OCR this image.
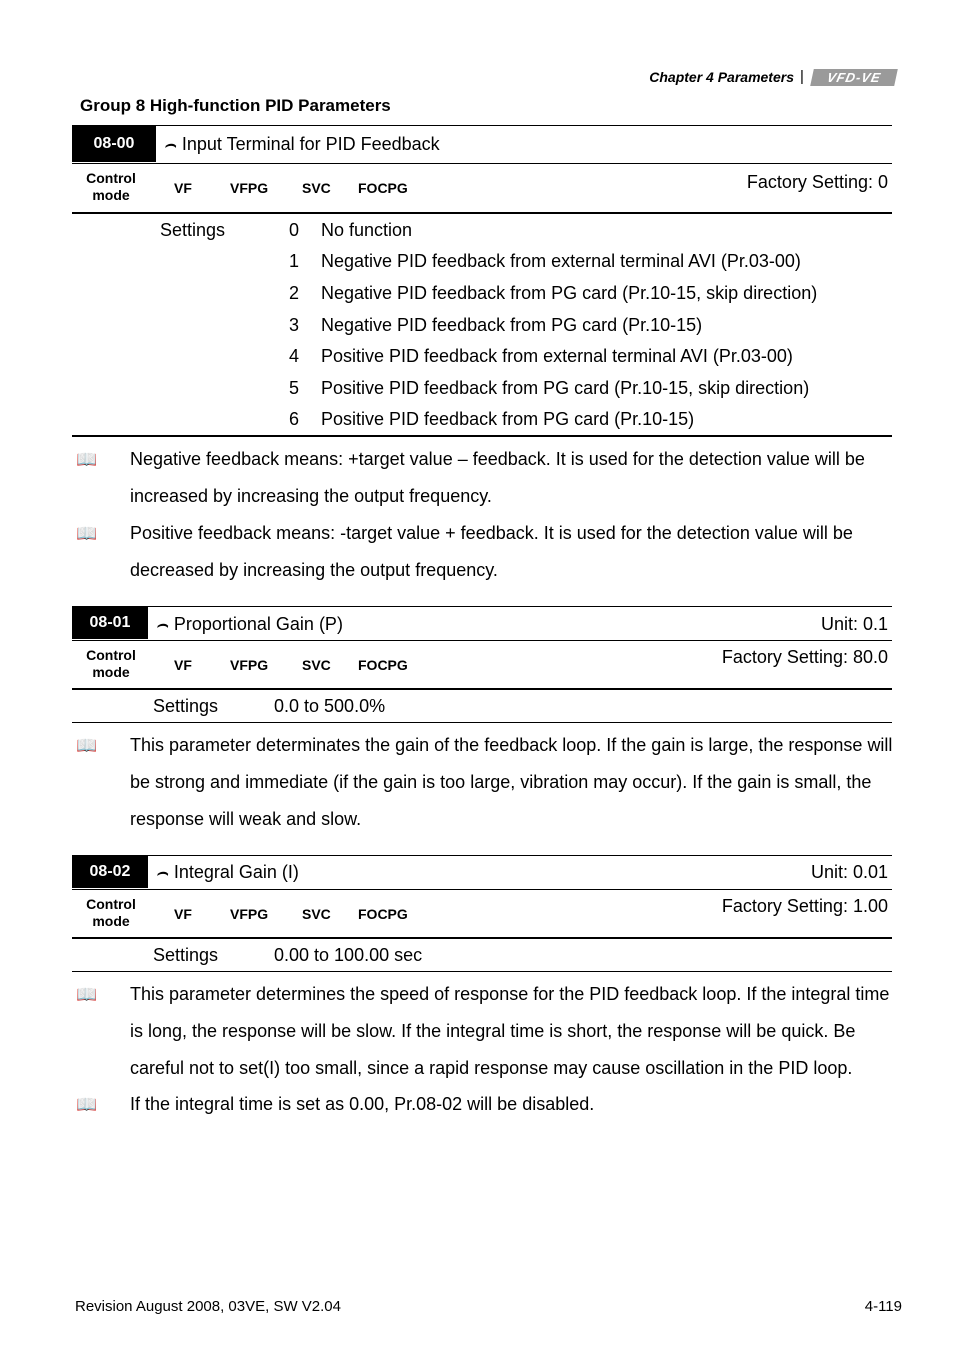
Chapter 4 Parameters |	VFD-VE
Group 8 High-function PID Parameters
08-00	⌢ Input Terminal for PID Feedback
Control mode	VF	VFPG SVC FOCPG	Factory Setting: 0
Settings	0 No function
1 Negative PID feedback from external terminal AVI (Pr.03-00)
2 Negative PID feedback from PG card (Pr.10-15, skip direction)
3 Negative PID feedback from PG card (Pr.10-15)
4 Positive PID feedback from external terminal AVI (Pr.03-00)
5 Positive PID feedback from PG card (Pr.10-15, skip direction)
6 Positive PID feedback from PG card (Pr.10-15)
📖 Negative feedback means: +target value – feedback. It is used for the detection value will be increased by increasing the output frequency.
📖 Positive feedback means: -target value + feedback. It is used for the detection value will be decreased by increasing the output frequency.
08-01	⌢ Proportional Gain (P)	Unit: 0.1
Control mode	VF	VFPG SVC FOCPG	Factory Setting: 80.0
Settings	0.0 to 500.0%
📖 This parameter determinates the gain of the feedback loop. If the gain is large, the response will be strong and immediate (if the gain is too large, vibration may occur). If the gain is small, the response will weak and slow.
08-02	⌢ Integral Gain (I)	Unit: 0.01
Control mode	VF	VFPG SVC FOCPG	Factory Setting: 1.00
Settings	0.00 to 100.00 sec
📖 This parameter determines the speed of response for the PID feedback loop. If the integral time is long, the response will be slow. If the integral time is short, the response will be quick. Be careful not to set(I) too small, since a rapid response may cause oscillation in the PID loop.
📖 If the integral time is set as 0.00, Pr.08-02 will be disabled.
Revision August 2008, 03VE, SW V2.04	4-119
